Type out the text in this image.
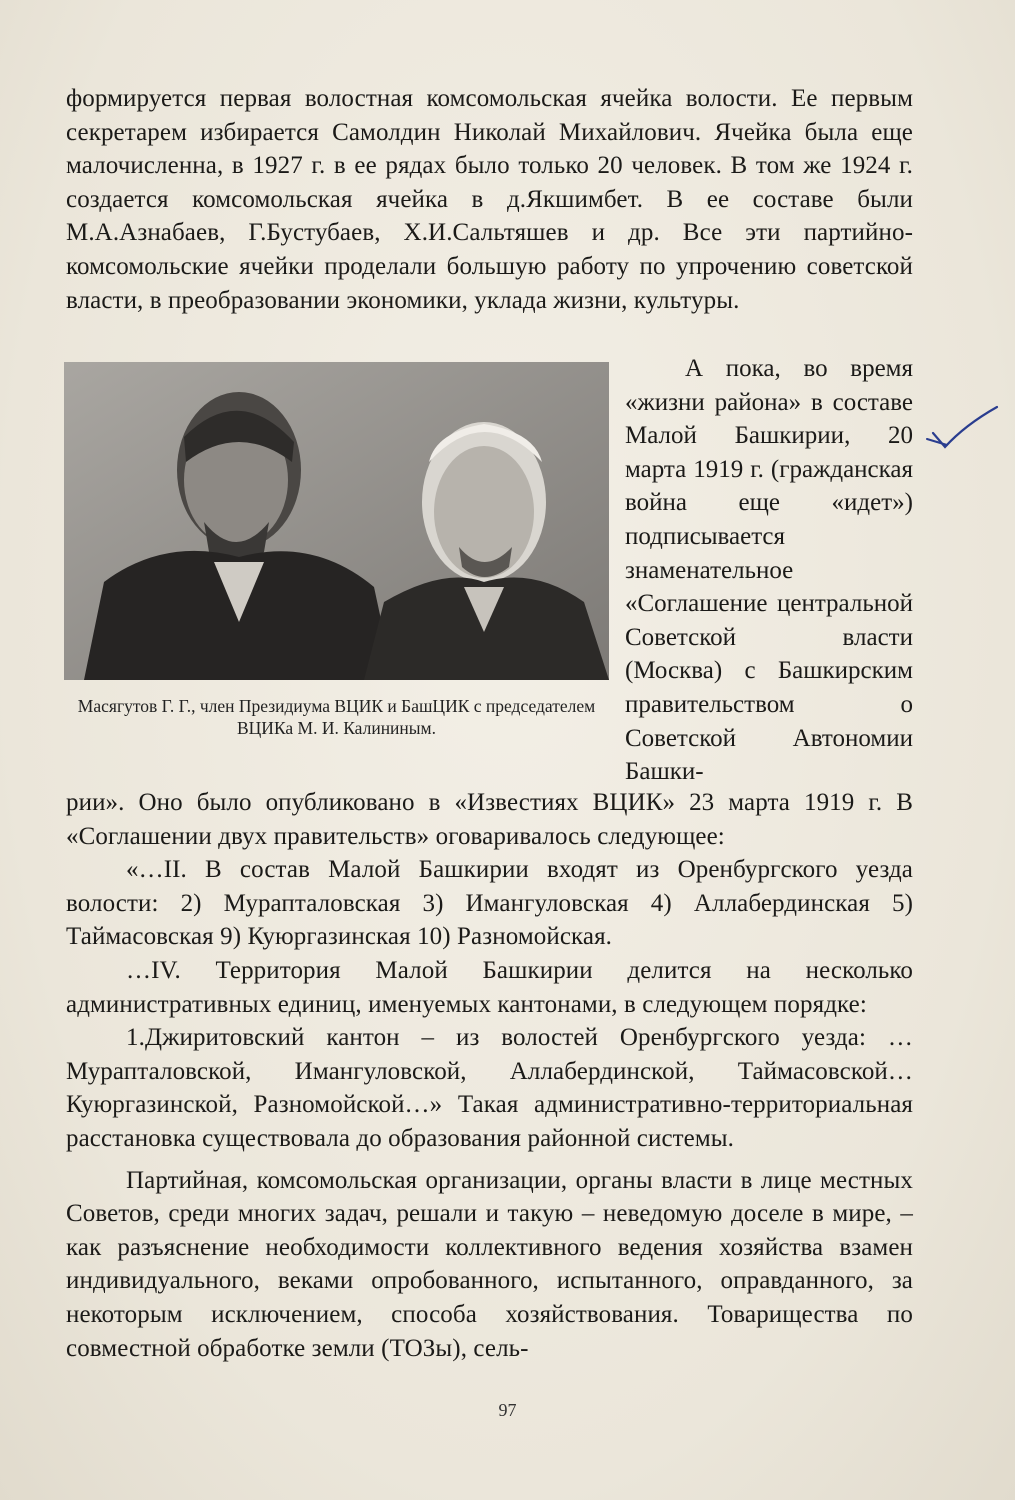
формируется первая волостная комсомольская ячейка волости. Ее первым секретарем избирается Самолдин Николай Михайлович. Ячейка была еще малочисленна, в 1927 г. в ее рядах было только 20 человек. В том же 1924 г. создается комсомольская ячейка в д.Якшимбет. В ее составе были М.А.Азнабаев, Г.Бустубаев, Х.И.Сальтяшев и др. Все эти партийно-комсомольские ячейки проделали большую работу по упрочению советской власти, в преобразовании экономики, уклада жизни, культуры.

Масягутов Г. Г., член Президиума ВЦИК и БашЦИК с председателем ВЦИКа М. И. Калининым.

А пока, во время «жизни района» в составе Малой Башкирии, 20 марта 1919 г. (гражданская война еще «идет») подписывается знаменательное «Соглашение центральной Советской власти (Москва) с Башкирским правительством о Советской Автономии Башки-

рии». Оно было опубликовано в «Известиях ВЦИК» 23 марта 1919 г. В «Соглашении двух правительств» оговаривалось следующее:

«…II. В состав Малой Башкирии входят из Оренбургского уезда волости: 2) Мурапталовская 3) Имангуловская 4) Аллабердинская 5) Таймасовская 9) Куюргазинская 10) Разномойская.

…IV. Территория Малой Башкирии делится на несколько административных единиц, именуемых кантонами, в следующем порядке:

1.Джиритовский кантон – из волостей Оренбургского уезда: …Мурапталовской, Имангуловской, Аллабердинской, Таймасовской… Куюргазинской, Разномойской…» Такая административно-территориальная расстановка существовала до образования районной системы.

Партийная, комсомольская организации, органы власти в лице местных Советов, среди многих задач, решали и такую – неведомую доселе в мире, – как разъяснение необходимости коллективного ведения хозяйства взамен индивидуального, веками опробованного, испытанного, оправданного, за некоторым исключением, способа хозяйствования. Товарищества по совместной обработке земли (ТОЗы), сель-

97
